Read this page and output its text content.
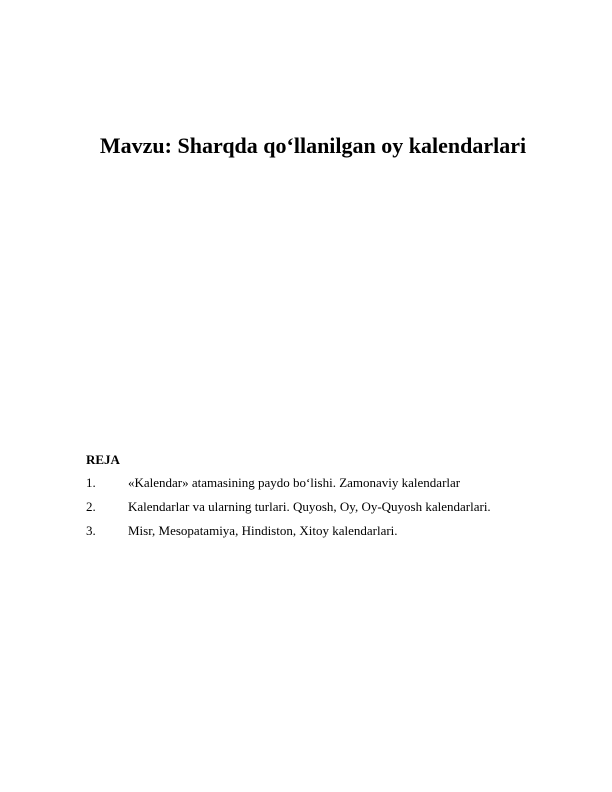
Mavzu: Sharqda qo‘llanilgan oy kalendarlari
REJA
1. «Kalendar» atamasining paydo bo‘lishi. Zamonaviy kalendarlar
2. Kalendarlar va ularning turlari. Quyosh, Oy, Oy-Quyosh kalendarlari.
3. Misr, Mesopatamiya, Hindiston, Xitoy kalendarlari.
